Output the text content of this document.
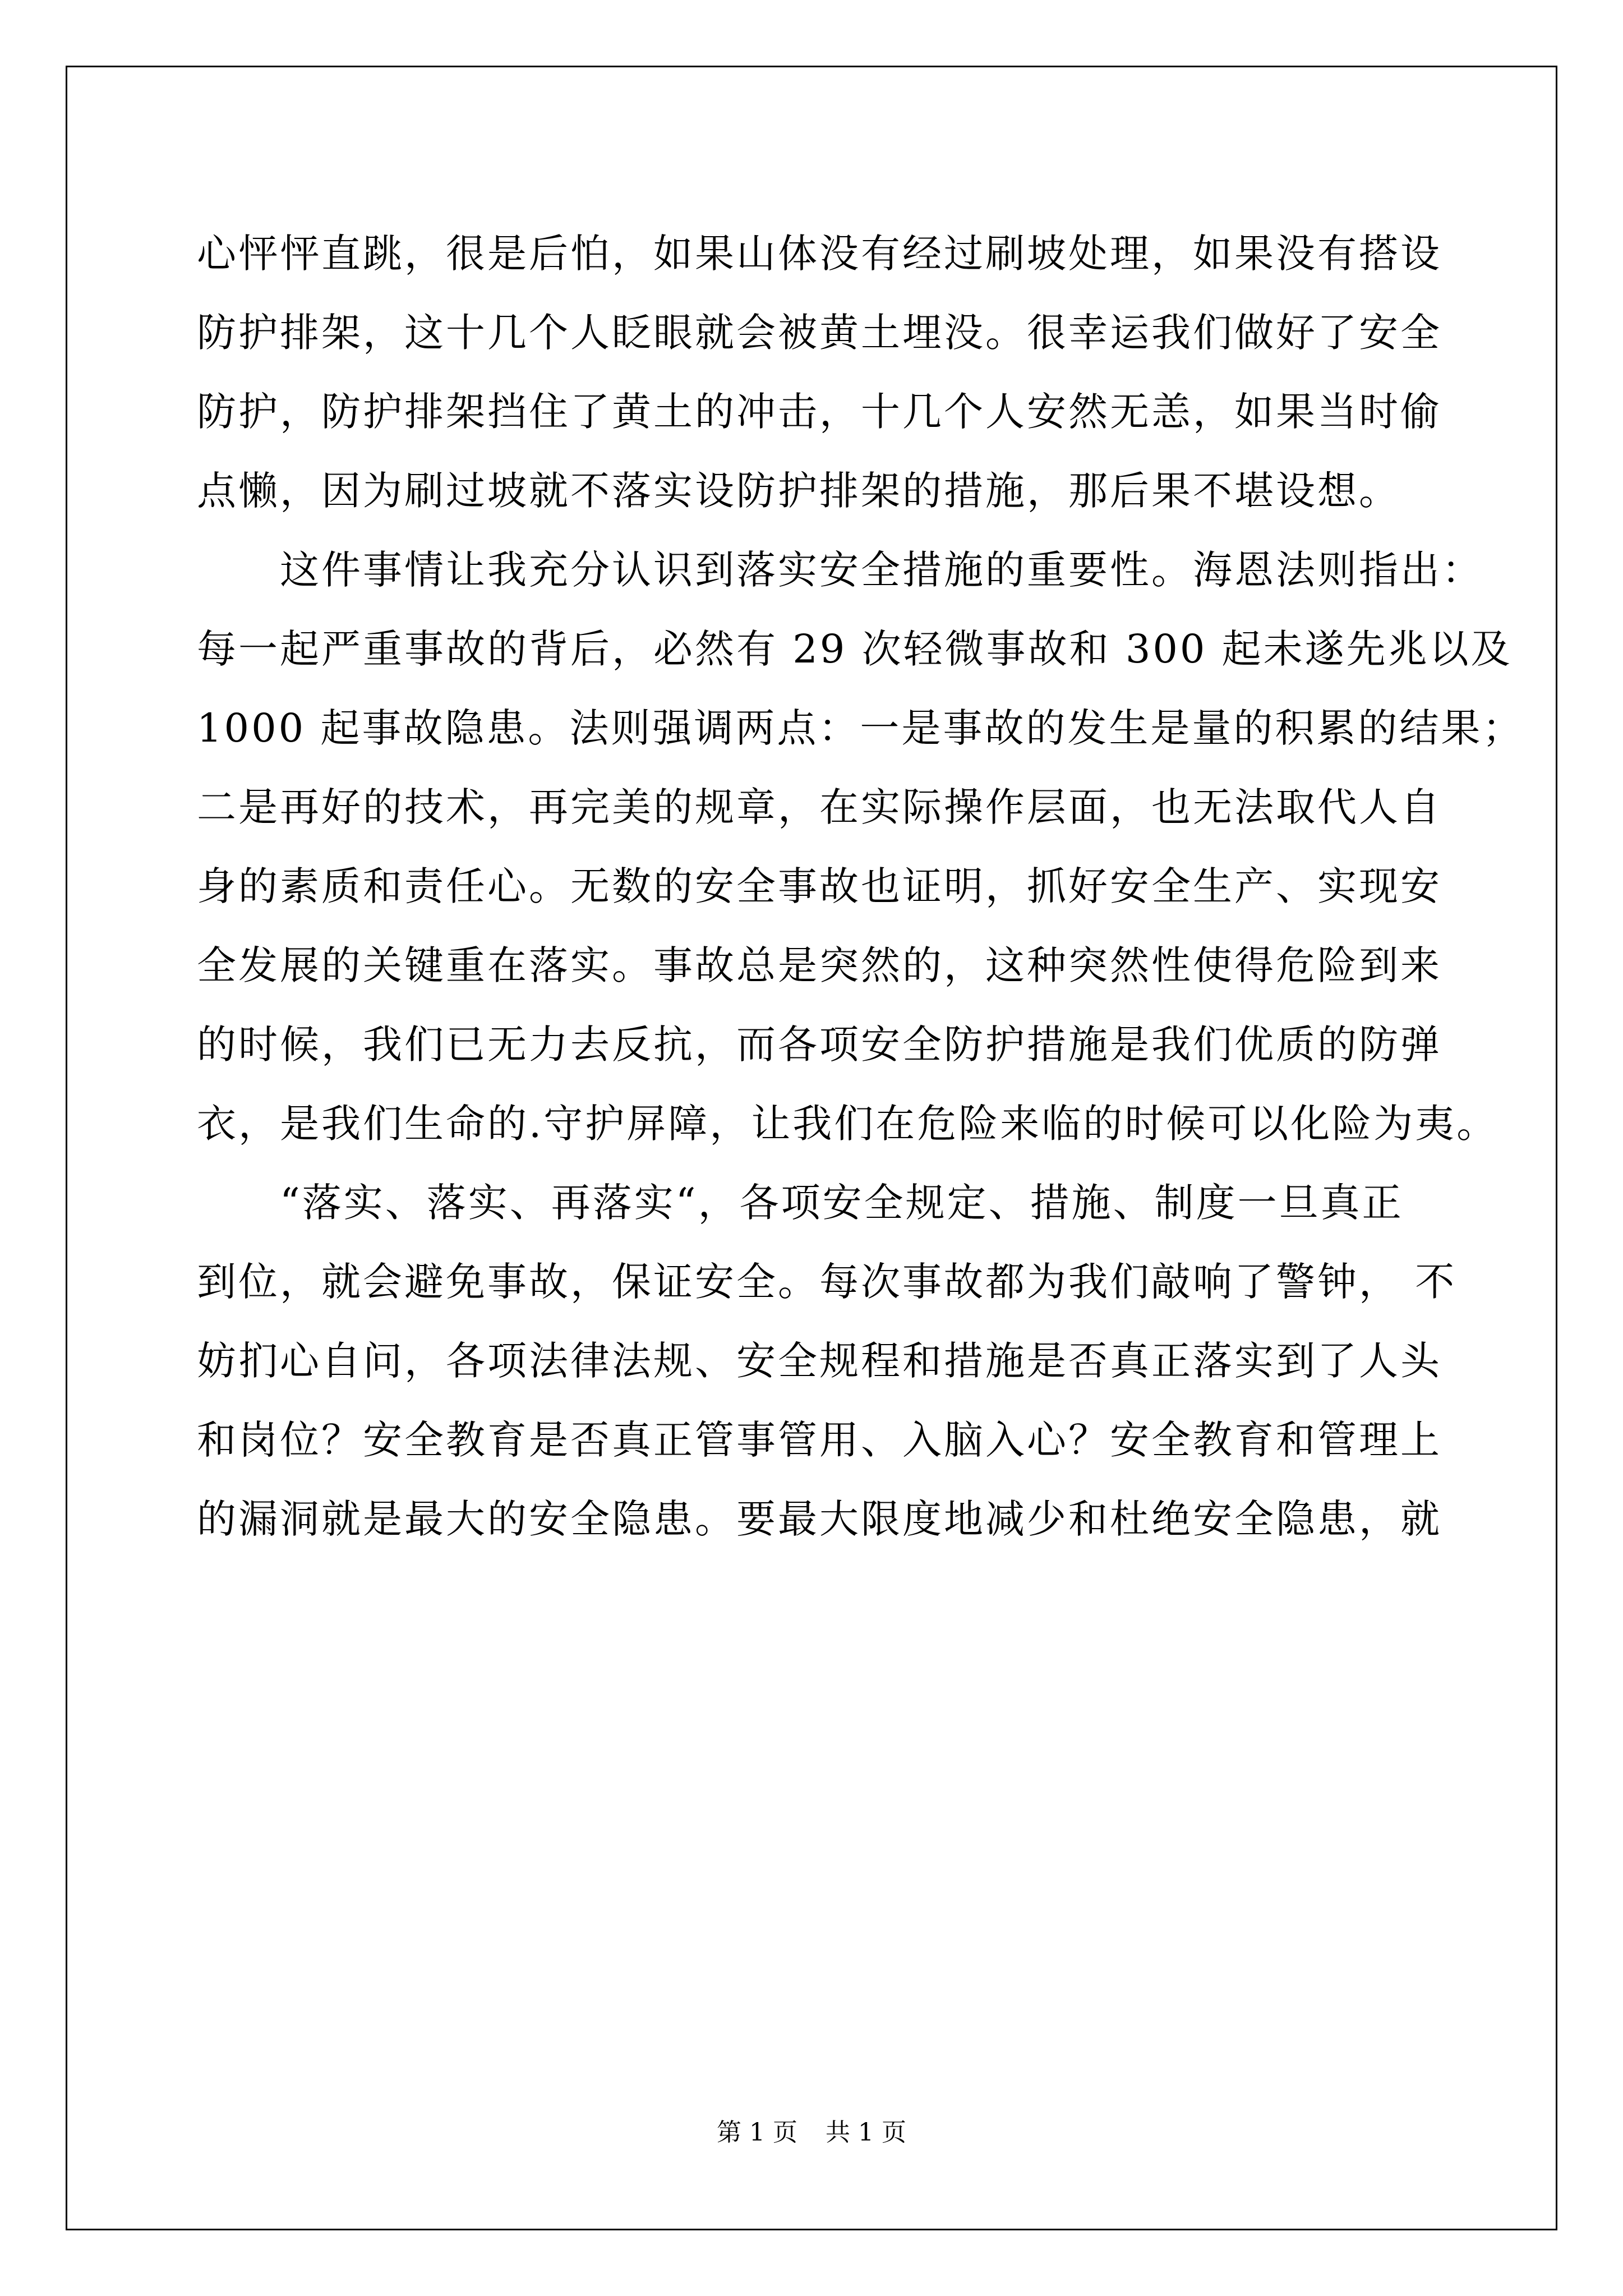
心怦怦直跳，很是后怕，如果山体没有经过刷坡处理，如果没有搭设
防护排架，这十几个人眨眼就会被黄土埋没。很幸运我们做好了安全
防护，防护排架挡住了黄土的冲击，十几个人安然无恙，如果当时偷
点懒，因为刷过坡就不落实设防护排架的措施，那后果不堪设想。
这件事情让我充分认识到落实安全措施的重要性。海恩法则指出：
每一起严重事故的背后，必然有 29 次轻微事故和 300 起未遂先兆以及
1000 起事故隐患。法则强调两点：一是事故的发生是量的积累的结果；
二是再好的技术，再完美的规章，在实际操作层面，也无法取代人自
身的素质和责任心。无数的安全事故也证明，抓好安全生产、实现安
全发展的关键重在落实。事故总是突然的，这种突然性使得危险到来
的时候，我们已无力去反抗，而各项安全防护措施是我们优质的防弹
衣，是我们生命的.守护屏障，让我们在危险来临的时候可以化险为夷。
“落实、落实、再落实“，各项安全规定、措施、制度一旦真正
到位，就会避免事故，保证安全。每次事故都为我们敲响了警钟， 不
妨扪心自问，各项法律法规、安全规程和措施是否真正落实到了人头
和岗位？安全教育是否真正管事管用、入脑入心？安全教育和管理上
的漏洞就是最大的安全隐患。要最大限度地减少和杜绝安全隐患，就
第 1 页 共 1 页
